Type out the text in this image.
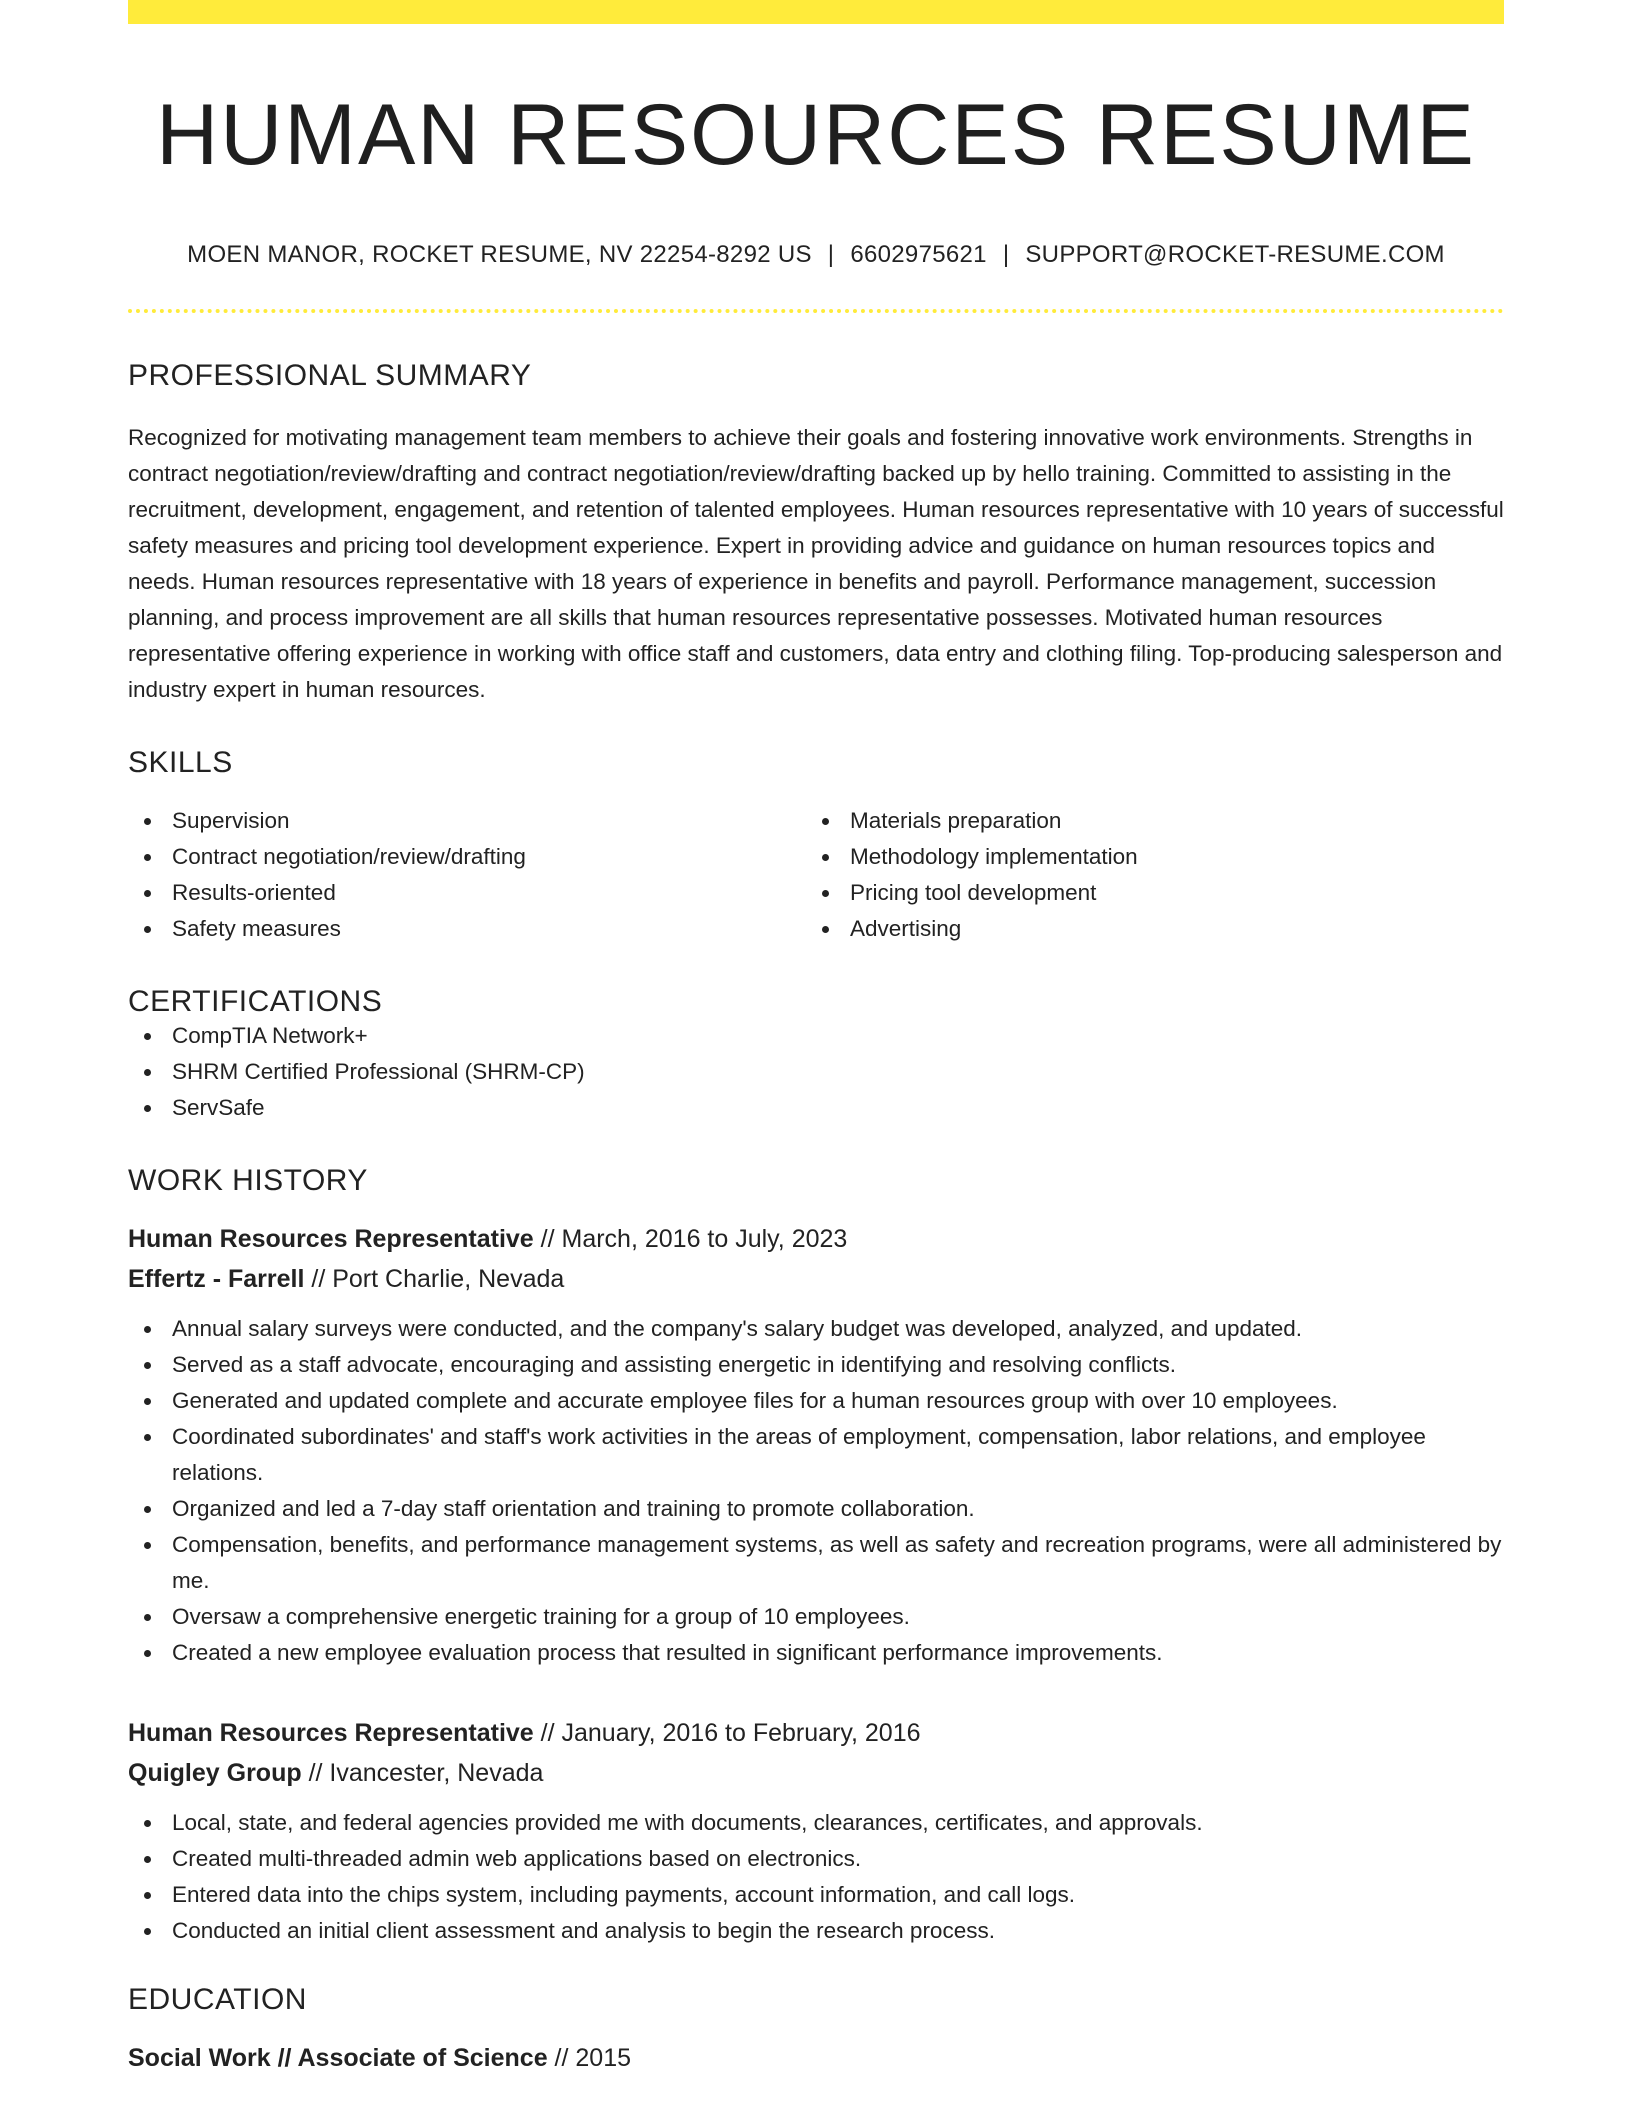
HUMAN RESOURCES RESUME
MOEN MANOR, ROCKET RESUME, NV 22254-8292 US | 6602975621 | SUPPORT@ROCKET-RESUME.COM
PROFESSIONAL SUMMARY

Recognized for motivating management team members to achieve their goals and fostering innovative work environments. Strengths in contract negotiation/review/drafting and contract negotiation/review/drafting backed up by hello training. Committed to assisting in the recruitment, development, engagement, and retention of talented employees. Human resources representative with 10 years of successful safety measures and pricing tool development experience. Expert in providing advice and guidance on human resources topics and needs. Human resources representative with 18 years of experience in benefits and payroll. Performance management, succession planning, and process improvement are all skills that human resources representative possesses. Motivated human resources representative offering experience in working with office staff and customers, data entry and clothing filing. Top-producing salesperson and industry expert in human resources.

SKILLS
Supervision
Contract negotiation/review/drafting
Results-oriented
Safety measures
Materials preparation
Methodology implementation
Pricing tool development
Advertising
CERTIFICATIONS
CompTIA Network+
SHRM Certified Professional (SHRM-CP)
ServSafe
WORK HISTORY
Human Resources Representative // March, 2016 to July, 2023
Effertz - Farrell // Port Charlie, Nevada
Annual salary surveys were conducted, and the company's salary budget was developed, analyzed, and updated.
Served as a staff advocate, encouraging and assisting energetic in identifying and resolving conflicts.
Generated and updated complete and accurate employee files for a human resources group with over 10 employees.
Coordinated subordinates' and staff's work activities in the areas of employment, compensation, labor relations, and employee relations.
Organized and led a 7-day staff orientation and training to promote collaboration.
Compensation, benefits, and performance management systems, as well as safety and recreation programs, were all administered by me.
Oversaw a comprehensive energetic training for a group of 10 employees.
Created a new employee evaluation process that resulted in significant performance improvements.
Human Resources Representative // January, 2016 to February, 2016
Quigley Group // Ivancester, Nevada
Local, state, and federal agencies provided me with documents, clearances, certificates, and approvals.
Created multi-threaded admin web applications based on electronics.
Entered data into the chips system, including payments, account information, and call logs.
Conducted an initial client assessment and analysis to begin the research process.
EDUCATION
Social Work // Associate of Science // 2015
